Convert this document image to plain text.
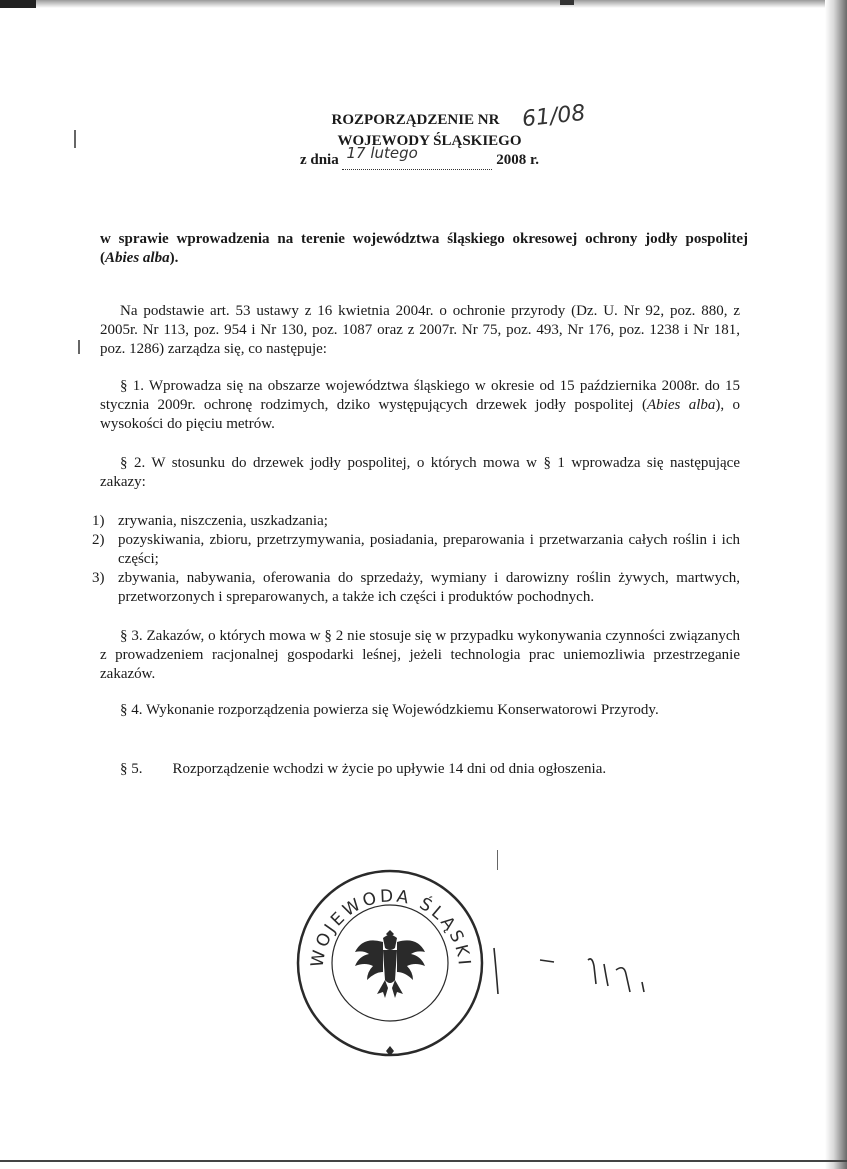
ROZPORZĄDZENIE NR 61/08
WOJEWODY ŚLĄSKIEGO
z dnia 17 lutego	2008 r.
w sprawie wprowadzenia na terenie województwa śląskiego okresowej ochrony jodły pospolitej (Abies alba).
Na podstawie art. 53 ustawy z 16 kwietnia 2004r. o ochronie przyrody (Dz. U. Nr 92, poz. 880, z 2005r. Nr 113, poz. 954 i Nr 130, poz. 1087 oraz z 2007r. Nr 75, poz. 493, Nr 176, poz. 1238 i Nr 181, poz. 1286) zarządza się, co następuje:
§ 1. Wprowadza się na obszarze województwa śląskiego w okresie od 15 października 2008r. do 15 stycznia 2009r. ochronę rodzimych, dziko występujących drzewek jodły pospolitej (Abies alba), o wysokości do pięciu metrów.
§ 2. W stosunku do drzewek jodły pospolitej, o których mowa w § 1 wprowadza się następujące zakazy:
1) zrywania, niszczenia, uszkadzania;
2) pozyskiwania, zbioru, przetrzymywania, posiadania, preparowania i przetwarzania całych roślin i ich części;
3) zbywania, nabywania, oferowania do sprzedaży, wymiany i darowizny roślin żywych, martwych, przetworzonych i spreparowanych, a także ich części i produktów pochodnych.
§ 3. Zakazów, o których mowa w § 2 nie stosuje się w przypadku wykonywania czynności związanych z prowadzeniem racjonalnej gospodarki leśnej, jeżeli technologia prac uniemozliwia przestrzeganie zakazów.
§ 4. Wykonanie rozporządzenia powierza się Wojewódzkiemu Konserwatorowi Przyrody.
§ 5. Rozporządzenie wchodzi w życie po upływie 14 dni od dnia ogłoszenia.
WOJEWODA ŚLĄSKI
